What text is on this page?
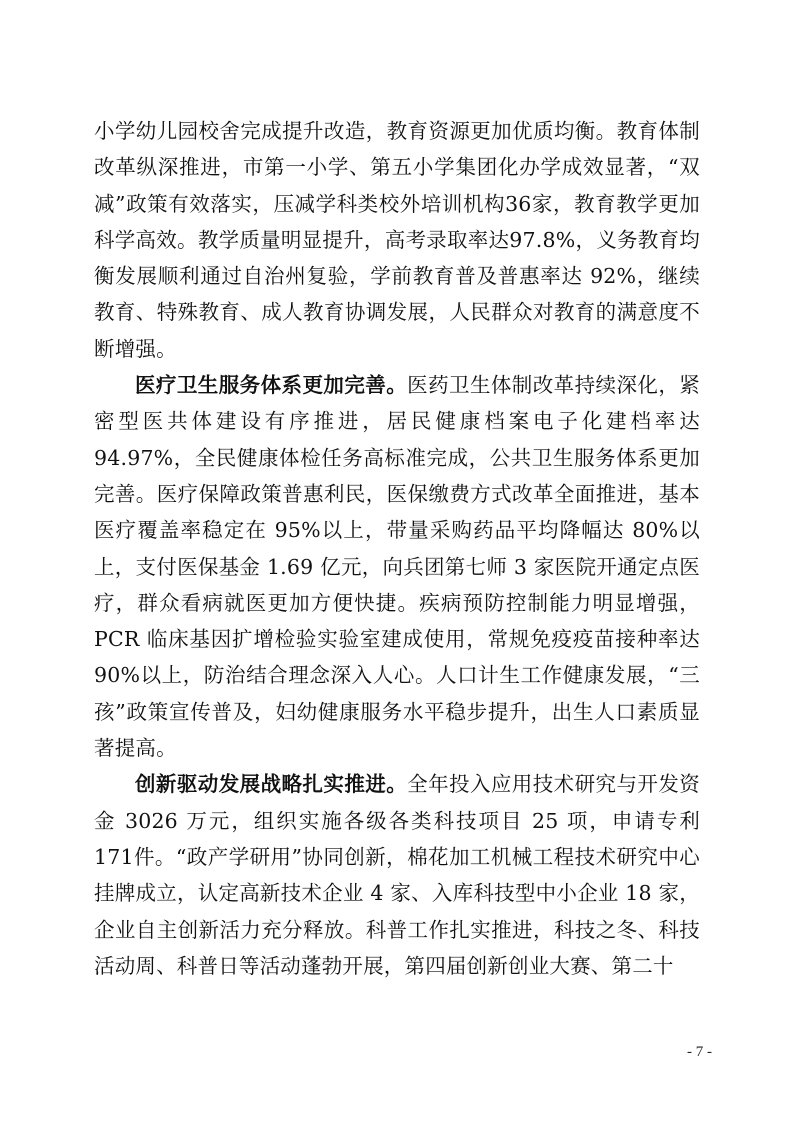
小学幼儿园校舍完成提升改造，教育资源更加优质均衡。教育体制改革纵深推进，市第一小学、第五小学集团化办学成效显著，“双减”政策有效落实，压减学科类校外培训机构36家，教育教学更加科学高效。教学质量明显提升，高考录取率达97.8%，义务教育均衡发展顺利通过自治州复验，学前教育普及普惠率达 92%，继续教育、特殊教育、成人教育协调发展，人民群众对教育的满意度不断增强。

医疗卫生服务体系更加完善。医药卫生体制改革持续深化，紧密型医共体建设有序推进，居民健康档案电子化建档率达94.97%，全民健康体检任务高标准完成，公共卫生服务体系更加完善。医疗保障政策普惠利民，医保缴费方式改革全面推进，基本医疗覆盖率稳定在 95%以上，带量采购药品平均降幅达 80%以上，支付医保基金 1.69 亿元，向兵团第七师 3 家医院开通定点医疗，群众看病就医更加方便快捷。疾病预防控制能力明显增强，PCR 临床基因扩增检验实验室建成使用，常规免疫疫苗接种率达90%以上，防治结合理念深入人心。人口计生工作健康发展，“三孩”政策宣传普及，妇幼健康服务水平稳步提升，出生人口素质显著提高。

创新驱动发展战略扎实推进。全年投入应用技术研究与开发资金 3026 万元，组织实施各级各类科技项目 25 项，申请专利 171件。“政产学研用”协同创新，棉花加工机械工程技术研究中心挂牌成立，认定高新技术企业 4 家、入库科技型中小企业 18 家，企业自主创新活力充分释放。科普工作扎实推进，科技之冬、科技活动周、科普日等活动蓬勃开展，第四届创新创业大赛、第二十

- 7 -
